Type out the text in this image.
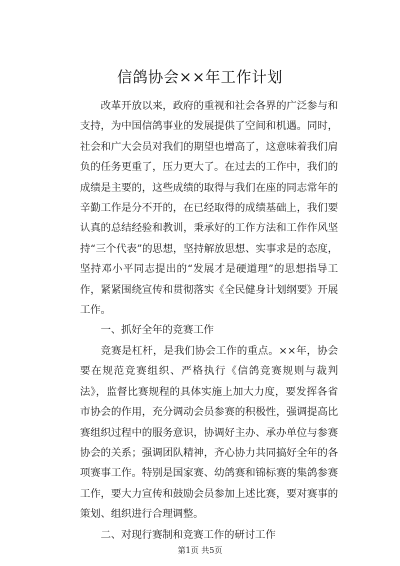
信鸽协会××年工作计划

改革开放以来，政府的重视和社会各界的广泛参与和支持，为中国信鸽事业的发展提供了空间和机遇。同时，社会和广大会员对我们的期望也增高了，这意味着我们肩负的任务更重了，压力更大了。在过去的工作中，我们的成绩是主要的，这些成绩的取得与我们在座的同志常年的辛勤工作是分不开的，在已经取得的成绩基础上，我们要认真的总结经验和教训，秉承好的工作方法和工作作风坚持“三个代表”的思想，坚持解放思想、实事求是的态度，坚持邓小平同志提出的“发展才是硬道理”的思想指导工作，紧紧围绕宣传和贯彻落实《全民健身计划纲要》开展工作。

一、抓好全年的竞赛工作

竞赛是杠杆，是我们协会工作的重点。××年，协会要在规范竞赛组织、严格执行《信鸽竞赛规则与裁判法》，监督比赛规程的具体实施上加大力度，要发挥各省市协会的作用，充分调动会员参赛的积极性，强调提高比赛组织过程中的服务意识，协调好主办、承办单位与参赛协会的关系；强调团队精神，齐心协力共同搞好全年的各项赛事工作。特别是国家赛、幼鸽赛和锦标赛的集鸽参赛工作，要大力宣传和鼓励会员参加上述比赛，要对赛事的策划、组织进行合理调整。

二、对现行赛制和竞赛工作的研讨工作

第1页 共5页
